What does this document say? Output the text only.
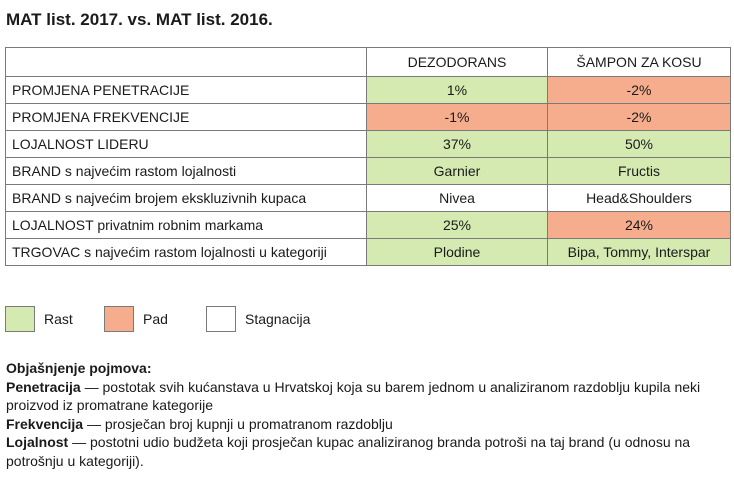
MAT list. 2017. vs. MAT list. 2016.
	DEZODORANS	ŠAMPON ZA KOSU
PROMJENA PENETRACIJE	1%	-2%
PROMJENA FREKVENCIJE	-1%	-2%
LOJALNOST LIDERU	37%	50%
BRAND s najvećim rastom lojalnosti	Garnier	Fructis
BRAND s najvećim brojem ekskluzivnih kupaca	Nivea	Head&Shoulders
LOJALNOST privatnim robnim markama	25%	24%
TRGOVAC s najvećim rastom lojalnosti u kategoriji	Plodine	Bipa, Tommy, Interspar
Rast	Pad	Stagnacija

Objašnjenje pojmova:

Penetracija — postotak svih kućanstava u Hrvatskoj koja su barem jednom u analiziranom razdoblju kupila neki proizvod iz promatrane kategorije

Frekvencija — prosječan broj kupnji u promatranom razdoblju

Lojalnost — postotni udio budžeta koji prosječan kupac analiziranog branda potroši na taj brand (u odnosu na potrošnju u kategoriji).
